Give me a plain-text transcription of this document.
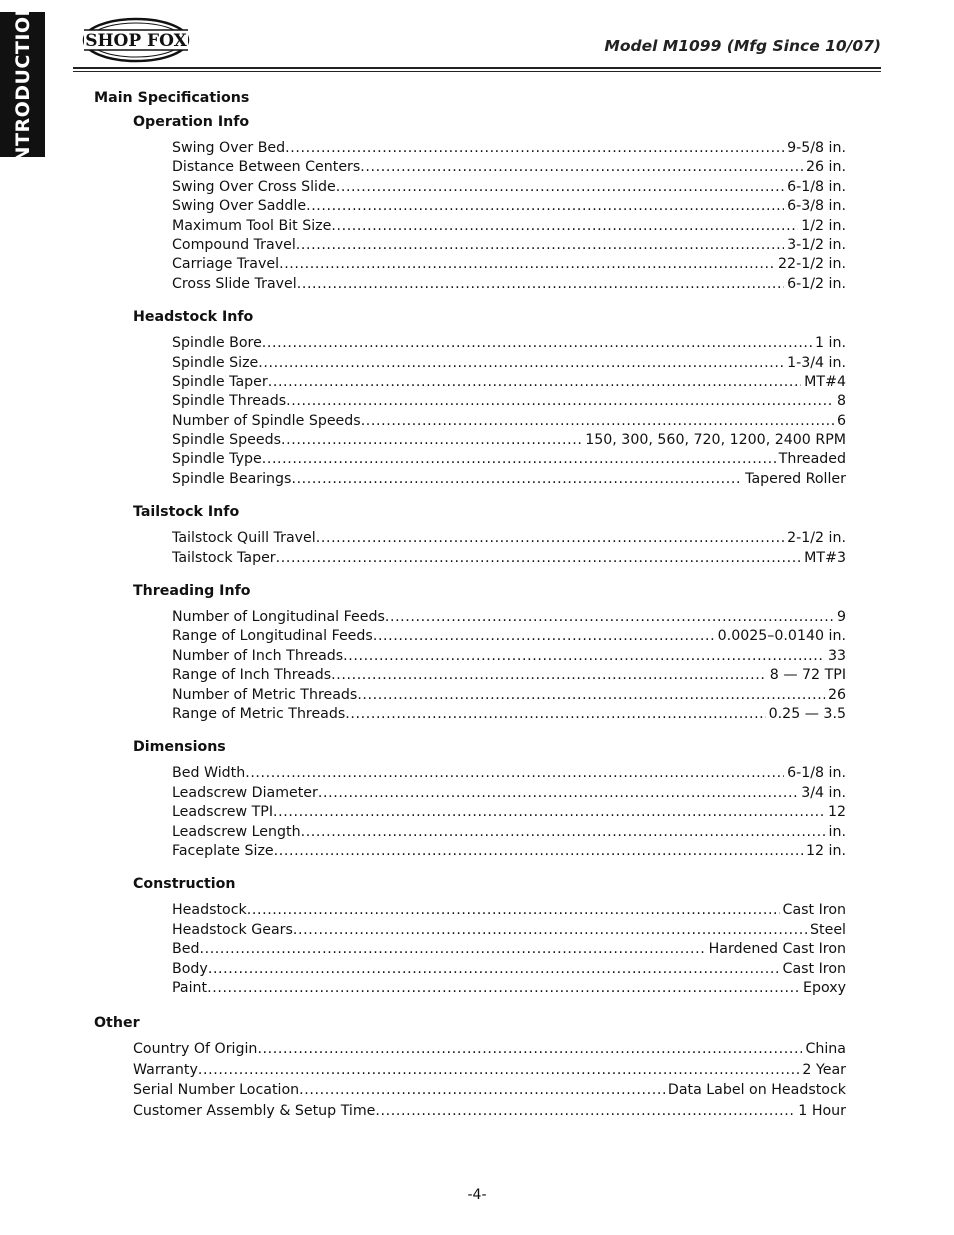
INTRODUCTION	SHOP FOX	Model M1099 (Mfg Since 10/07)
Main Specifications
Operation Info
Swing Over Bed .....	9-5/8 in.
Distance Between Centers .....	26 in.
Swing Over Cross Slide .....	6-1/8 in.
Swing Over Saddle .....	6-3/8 in.
Maximum Tool Bit Size .....	1/2 in.
Compound Travel .....	3-1/2 in.
Carriage Travel .....	22-1/2 in.
Cross Slide Travel .....	6-1/2 in.
Headstock Info
Spindle Bore .....	1 in.
Spindle Size .....	1-3/4 in.
Spindle Taper .....	MT#4
Spindle Threads .....	8
Number of Spindle Speeds .....	6
Spindle Speeds .....	150, 300, 560, 720, 1200, 2400 RPM
Spindle Type .....	Threaded
Spindle Bearings .....	Tapered Roller
Tailstock Info
Tailstock Quill Travel .....	2-1/2 in.
Tailstock Taper .....	MT#3
Threading Info
Number of Longitudinal Feeds .....	9
Range of Longitudinal Feeds .....	0.0025–0.0140 in.
Number of Inch Threads .....	33
Range of Inch Threads .....	8 — 72 TPI
Number of Metric Threads .....	26
Range of Metric Threads .....	0.25 — 3.5
Dimensions
Bed Width .....	6-1/8 in.
Leadscrew Diameter .....	3/4 in.
Leadscrew TPI .....	12
Leadscrew Length .....	in.
Faceplate Size .....	12 in.
Construction
Headstock .....	Cast Iron
Headstock Gears .....	Steel
Bed .....	Hardened Cast Iron
Body .....	Cast Iron
Paint .....	Epoxy
Other
Country Of Origin .....	China
Warranty .....	2 Year
Serial Number Location .....	Data Label on Headstock
Customer Assembly & Setup Time .....	1 Hour
-4-
